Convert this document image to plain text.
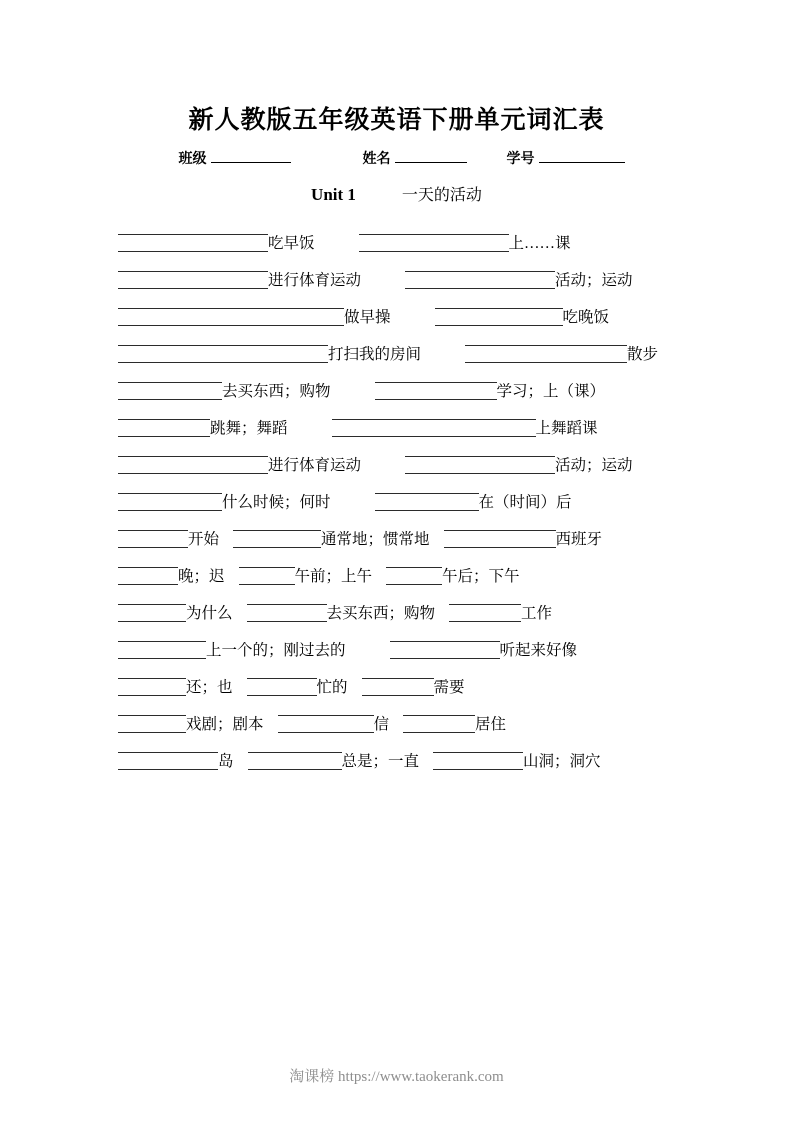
新人教版五年级英语下册单元词汇表
班级	姓名	学号
Unit 1	一天的活动
吃早饭	上……课
进行体育运动	活动；运动
做早操	吃晚饭
打扫我的房间	散步
去买东西；购物	学习；上（课）
跳舞；舞蹈	上舞蹈课
进行体育运动	活动；运动
什么时候；何时	在（时间）后
开始	通常地；惯常地	西班牙
晚；迟	午前；上午	午后；下午
为什么	去买东西；购物	工作
上一个的；刚过去的	听起来好像
还；也	忙的	需要
戏剧；剧本	信	居住
岛	总是；一直	山洞；洞穴
淘课榜 https://www.taokerank.com
